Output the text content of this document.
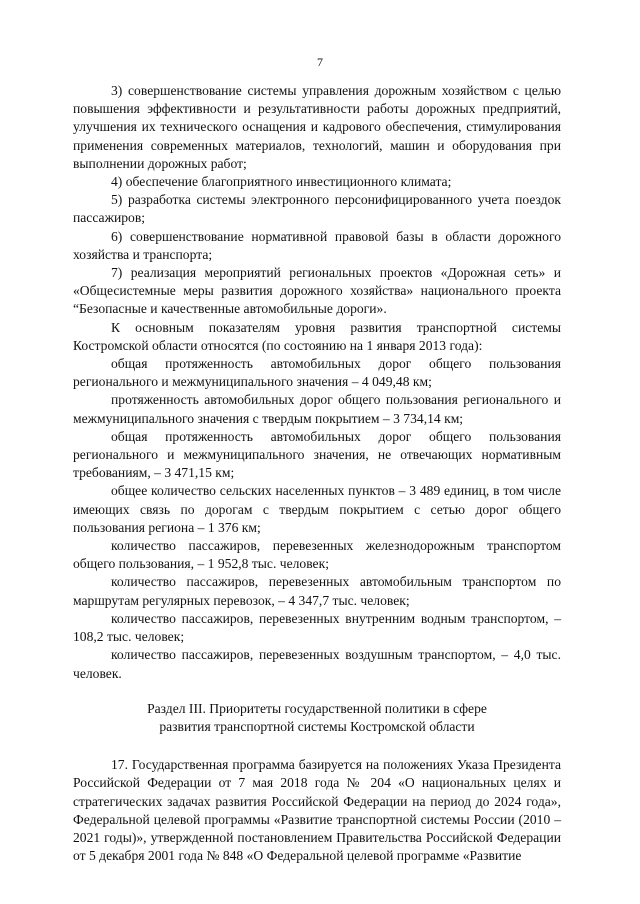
7

3) совершенствование системы управления дорожным хозяйством с целью повышения эффективности и результативности работы дорожных предприятий, улучшения их технического оснащения и кадрового обеспечения, стимулирования применения современных материалов, технологий, машин и оборудования при выполнении дорожных работ;

4) обеспечение благоприятного инвестиционного климата;

5) разработка системы электронного персонифицированного учета поездок пассажиров;

6) совершенствование нормативной правовой базы в области дорожного хозяйства и транспорта;

7) реализация мероприятий региональных проектов «Дорожная сеть» и «Общесистемные меры развития дорожного хозяйства» национального проекта “Безопасные и качественные автомобильные дороги».

К основным показателям уровня развития транспортной системы Костромской области относятся (по состоянию на 1 января 2013 года):

общая протяженность автомобильных дорог общего пользования регионального и межмуниципального значения – 4 049,48 км;

протяженность автомобильных дорог общего пользования регионального и межмуниципального значения с твердым покрытием – 3 734,14 км;

общая протяженность автомобильных дорог общего пользования регионального и межмуниципального значения, не отвечающих нормативным требованиям, – 3 471,15 км;

общее количество сельских населенных пунктов – 3 489 единиц, в том числе имеющих связь по дорогам с твердым покрытием с сетью дорог общего пользования региона – 1 376 км;

количество пассажиров, перевезенных железнодорожным транспортом общего пользования, – 1 952,8 тыс. человек;

количество пассажиров, перевезенных автомобильным транспортом по маршрутам регулярных перевозок, – 4 347,7 тыс. человек;

количество пассажиров, перевезенных внутренним водным транспортом, – 108,2 тыс. человек;

количество пассажиров, перевезенных воздушным транспортом, – 4,0 тыс. человек.

Раздел III. Приоритеты государственной политики в сфере
развития транспортной системы Костромской области

17. Государственная программа базируется на положениях Указа Президента Российской Федерации от 7 мая 2018 года № 204 «О национальных целях и стратегических задачах развития Российской Федерации на период до 2024 года», Федеральной целевой программы «Развитие транспортной системы России (2010 – 2021 годы)», утвержденной постановлением Правительства Российской Федерации от 5 декабря 2001 года № 848 «О Федеральной целевой программе «Развитие
